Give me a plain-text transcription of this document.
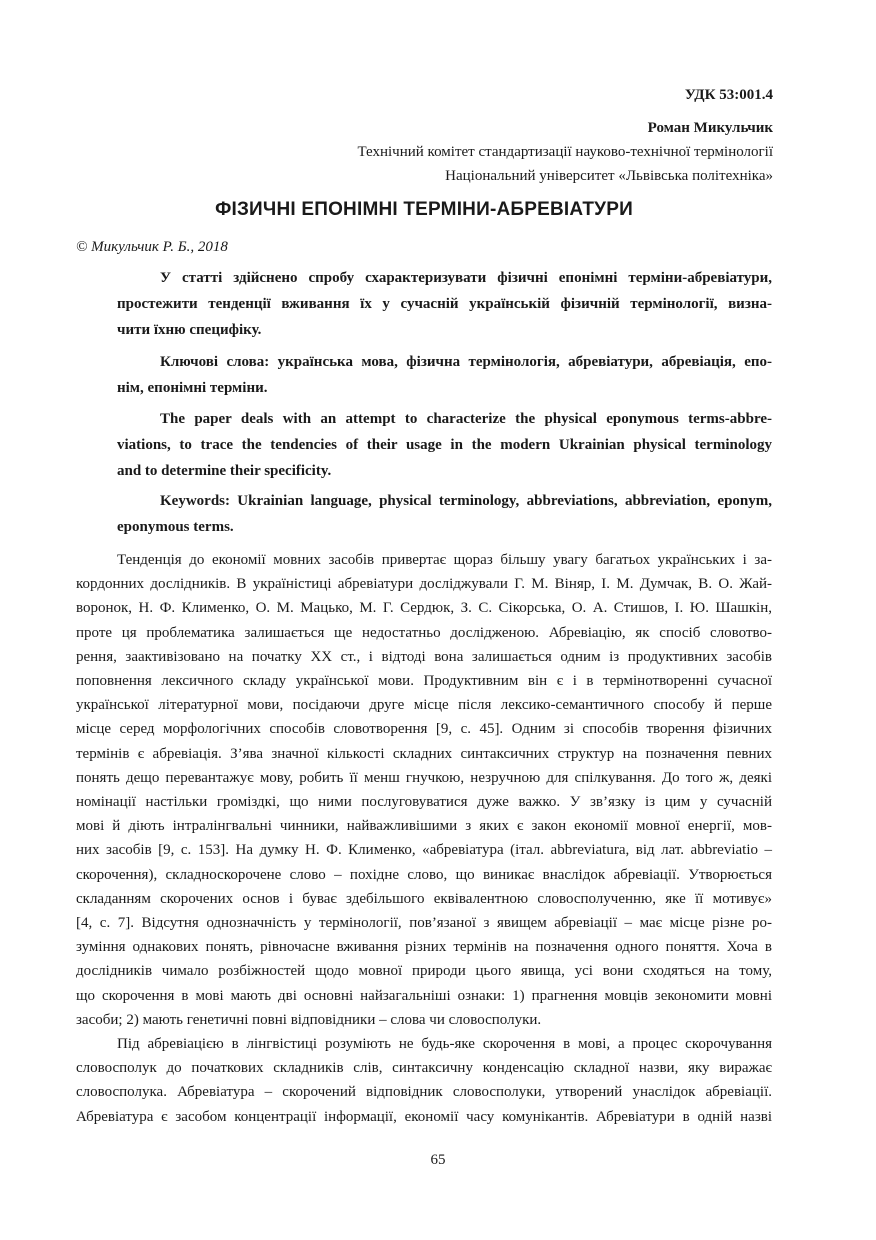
УДК 53:001.4
Роман Микульчик
Технічний комітет стандартизації науково-технічної термінології
Національний університет «Львівська політехніка»
ФІЗИЧНІ ЕПОНІМНІ ТЕРМІНИ-АБРЕВІАТУРИ
© Микульчик Р. Б., 2018
У статті здійснено спробу схарактеризувати фізичні епонімні терміни-абревіатури,
простежити тенденції вживання їх у сучасній українській фізичній термінології, визна-
чити їхню специфіку.
Ключові слова: українська мова, фізична термінологія, абревіатури, абревіація, епо-
нім, епонімні терміни.
The paper deals with an attempt to characterize the physical eponymous terms-abbre-
viations, to trace the tendencies of their usage in the modern Ukrainian physical terminology
and to determine their specificity.
Keywords: Ukrainian language, physical terminology, abbreviations, abbreviation, eponym,
eponymous terms.
Тенденція до економії мовних засобів привертає щораз більшу увагу багатьох українських і за-
кордонних дослідників. В україністиці абревіатури досліджували Г. М. Віняр, І. М. Думчак, В. О. Жай-
воронок, Н. Ф. Клименко, О. М. Мацько, М. Г. Сердюк, З. С. Сікорська, О. А. Стишов, І. Ю. Шашкін,
проте ця проблематика залишається ще недостатньо дослідженою. Абревіацію, як спосіб словотво-
рення, заактивізовано на початку ХХ ст., і відтоді вона залишається одним із продуктивних засобів
поповнення лексичного складу української мови. Продуктивним він є і в термінотворенні сучасної
української літературної мови, посідаючи друге місце після лексико-семантичного способу й перше
місце серед морфологічних способів словотворення [9, с. 45]. Одним зі способів творення фізичних
термінів є абревіація. З’ява значної кількості складних синтаксичних структур на позначення певних
понять дещо перевантажує мову, робить її менш гнучкою, незручною для спілкування. До того ж, деякі
номінації настільки громіздкі, що ними послуговуватися дуже важко. У зв’язку із цим у сучасній
мові й діють інтралінгвальні чинники, найважливішими з яких є закон економії мовної енергії, мов-
них засобів [9, с. 153]. На думку Н. Ф. Клименко, «абревіатура (італ. abbreviatura, від лат. abbreviatio –
скорочення), складноскорочене слово – похідне слово, що виникає внаслідок абревіації. Утворюється
складанням скорочених основ і буває здебільшого еквівалентною словосполученню, яке її мотивує»
[4, с. 7]. Відсутня однозначність у термінології, пов’язаної з явищем абревіації – має місце різне ро-
зуміння однакових понять, рівночасне вживання різних термінів на позначення одного поняття. Хоча в
дослідників чимало розбіжностей щодо мовної природи цього явища, усі вони сходяться на тому,
що скорочення в мові мають дві основні найзагальніші ознаки: 1) прагнення мовців зекономити мовні
засоби; 2) мають генетичні повні відповідники – слова чи словосполуки.
Під абревіацією в лінгвістиці розуміють не будь-яке скорочення в мові, а процес скорочування
словосполук до початкових складників слів, синтаксичну конденсацію складної назви, яку виражає
словосполука. Абревіатура – скорочений відповідник словосполуки, утворений унаслідок абревіації.
Абревіатура є засобом концентрації інформації, економії часу комунікантів. Абревіатури в одній назві
65
